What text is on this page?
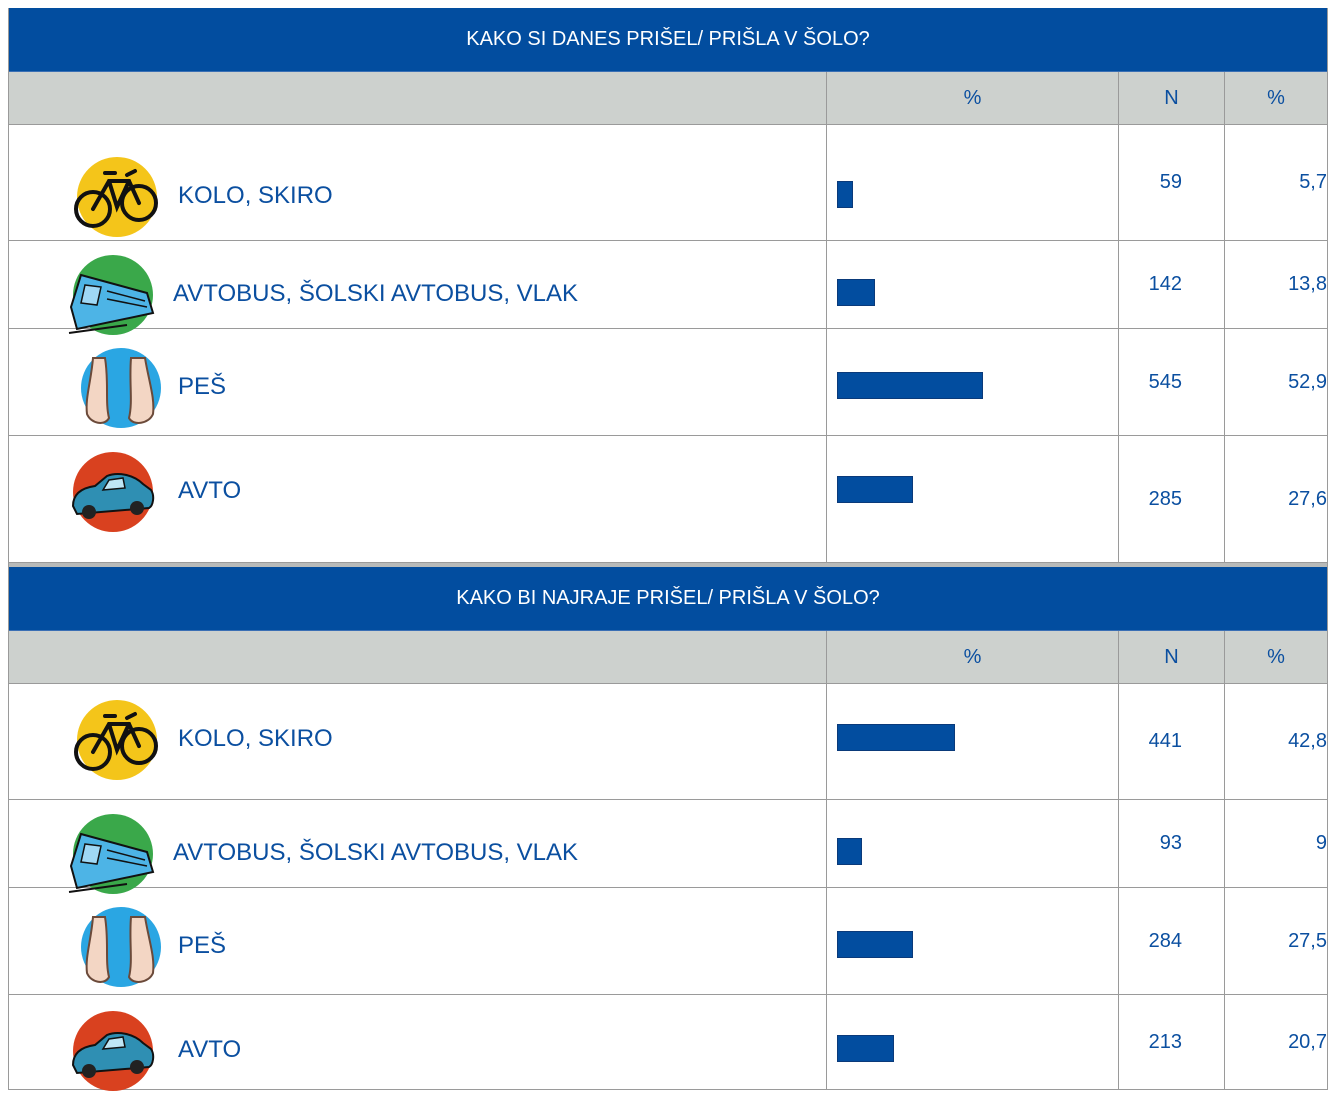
KAKO SI DANES PRIŠEL/ PRIŠLA V ŠOLO?
%	N	%
KOLO, SKIRO	59	5,7
AVTOBUS, ŠOLSKI AVTOBUS, VLAK	142	13,8
PEŠ	545	52,9
AVTO	285	27,6
KAKO BI NAJRAJE PRIŠEL/ PRIŠLA V ŠOLO?
%	N	%
KOLO, SKIRO	441	42,8
AVTOBUS, ŠOLSKI AVTOBUS, VLAK	93	9
PEŠ	284	27,5
AVTO	213	20,7
